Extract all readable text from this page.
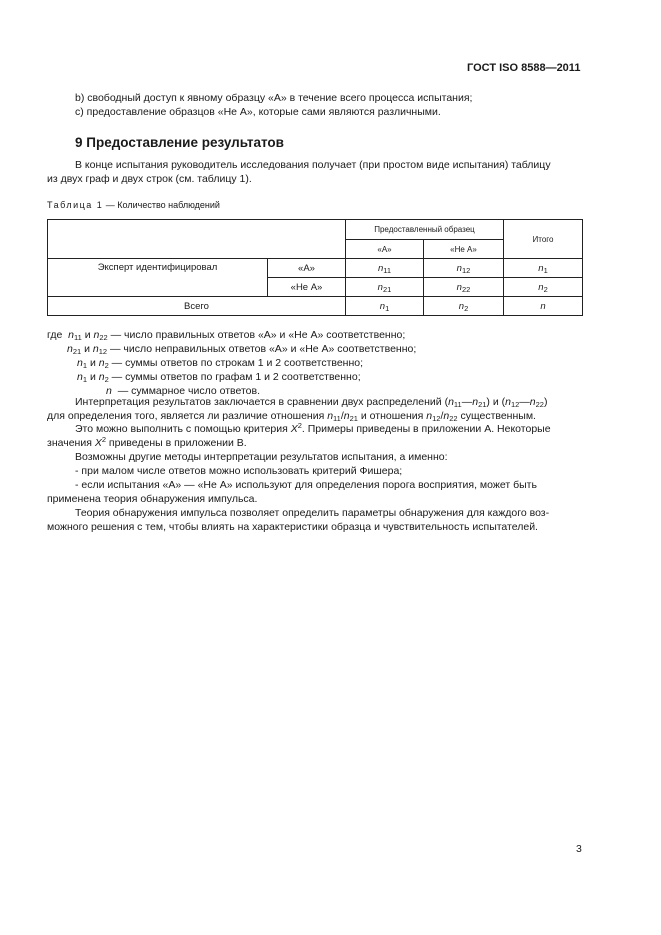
ГОСТ ISO 8588—2011
b) свободный доступ к явному образцу «А» в течение всего процесса испытания;
c) предоставление образцов «Не А», которые сами являются различными.
9 Предоставление результатов
В конце испытания руководитель исследования получает (при простом виде испытания) таблицу
из двух граф и двух строк (см. таблицу 1).
Таблица 1 — Количество наблюдений
		Предоставленный образец		Итого
		«А»	«Не А»	
Эксперт идентифицировал	«А»	$n_{11}$	$n_{12}$	$n_1$
	«Не А»	$n_{21}$	$n_{22}$	$n_2$
Всего		$n_1$	$n_2$	n
где $n_{11}$ и $n_{22}$ — число правильных ответов «А» и «Не А» соответственно;
$n_{21}$ и $n_{12}$ — число неправильных ответов «А» и «Не А» соответственно;
$n_1$ и $n_2$ — суммы ответов по строкам 1 и 2 соответственно;
$n_1$ и $n_2$ — суммы ответов по графам 1 и 2 соответственно;
n — суммарное число ответов.
Интерпретация результатов заключается в сравнении двух распределений $(n_{11}—n_{21})$ и $(n_{12}—n_{22})$
для определения того, является ли различие отношения $n_{11}/n_{21}$ и отношения $n_{12}/n_{22}$ существенным.
Это можно выполнить с помощью критерия $X^2$. Примеры приведены в приложении А. Некоторые
значения $X^2$ приведены в приложении В.
Возможны другие методы интерпретации результатов испытания, а именно:
- при малом числе ответов можно использовать критерий Фишера;
- если испытания «А» — «Не А» используют для определения порога восприятия, может быть
применена теория обнаружения импульса.
Теория обнаружения импульса позволяет определить параметры обнаружения для каждого воз-
можного решения с тем, чтобы влиять на характеристики образца и чувствительность испытателей.
3
